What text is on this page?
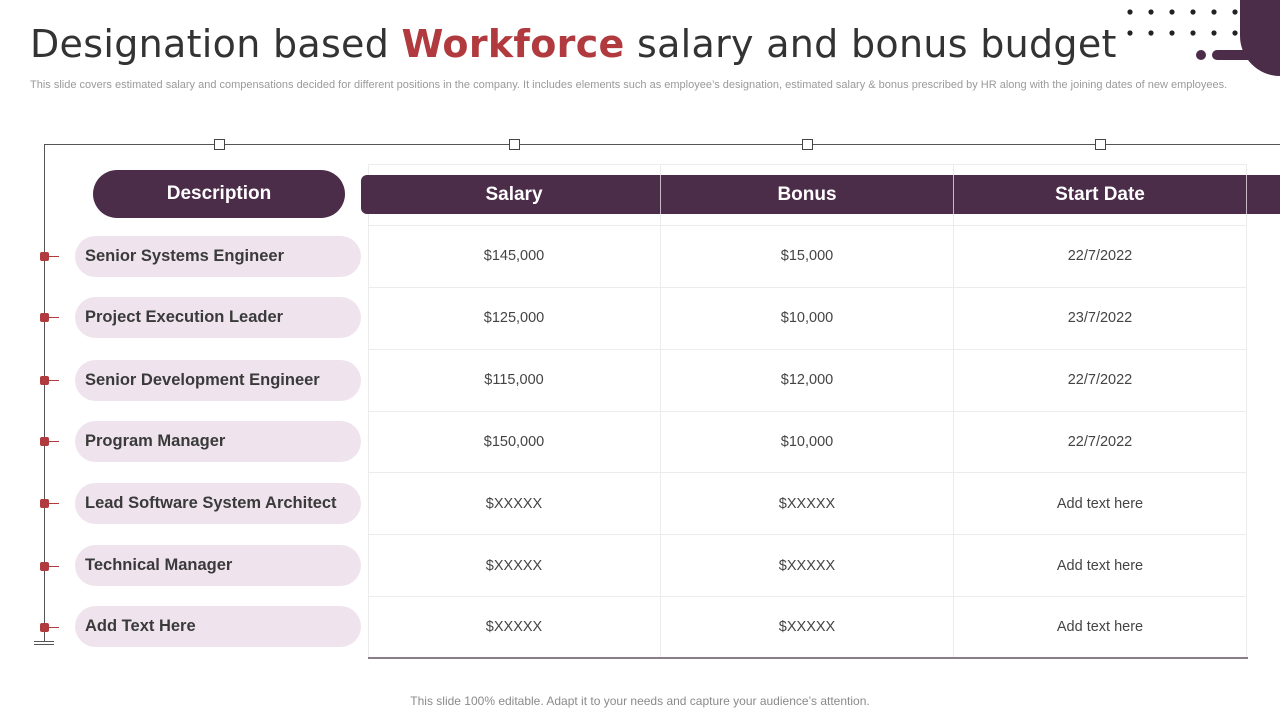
Designation based Workforce salary and bonus budget
This slide covers estimated salary and compensations decided for different positions in the company. It includes elements such as employee’s designation, estimated salary & bonus prescribed by HR along with the joining dates of new employees.
Description	Salary	Bonus	Start Date
Senior Systems Engineer	$145,000	$15,000	22/7/2022
Project Execution Leader	$125,000	$10,000	23/7/2022
Senior Development Engineer	$115,000	$12,000	22/7/2022
Program Manager	$150,000	$10,000	22/7/2022
Lead Software System Architect	$XXXXX	$XXXXX	Add text here
Technical Manager	$XXXXX	$XXXXX	Add text here
Add Text Here	$XXXXX	$XXXXX	Add text here
This slide 100% editable. Adapt it to your needs and capture your audience’s attention.
